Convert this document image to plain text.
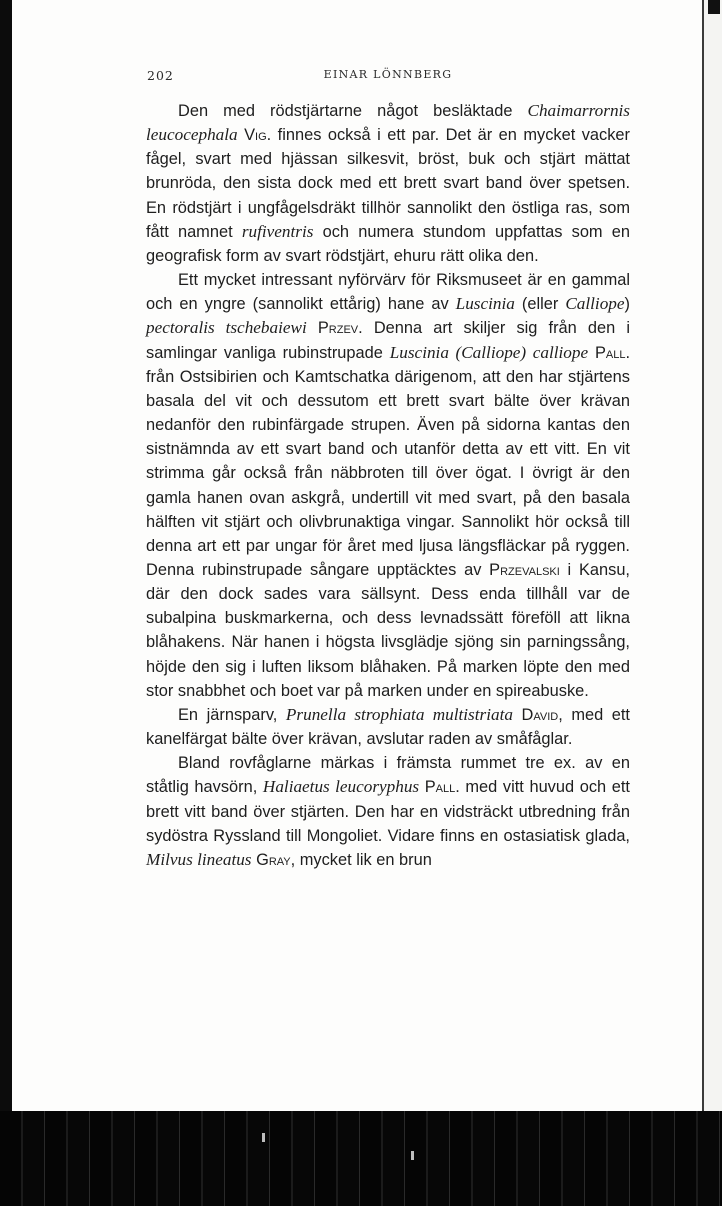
202	EINAR LÖNNBERG

Den med rödstjärtarne något besläktade Chaimarrornis leucocephala Vig. finnes också i ett par. Det är en mycket vacker fågel, svart med hjässan silkesvit, bröst, buk och stjärt mättat brunröda, den sista dock med ett brett svart band över spetsen. En rödstjärt i ungfågelsdräkt tillhör sannolikt den östliga ras, som fått namnet rufiventris och numera stundom uppfattas som en geografisk form av svart rödstjärt, ehuru rätt olika den.

Ett mycket intressant nyförvärv för Riksmuseet är en gammal och en yngre (sannolikt ettårig) hane av Luscinia (eller Calliope) pectoralis tschebaiewi Przev. Denna art skiljer sig från den i samlingar vanliga rubinstrupade Luscinia (Calliope) calliope Pall. från Ostsibirien och Kamtschatka därigenom, att den har stjärtens basala del vit och dessutom ett brett svart bälte över krävan nedanför den rubinfärgade strupen. Även på sidorna kantas den sistnämnda av ett svart band och utanför detta av ett vitt. En vit strimma går också från näbbroten till över ögat. I övrigt är den gamla hanen ovan askgrå, undertill vit med svart, på den basala hälften vit stjärt och olivbrunaktiga vingar. Sannolikt hör också till denna art ett par ungar för året med ljusa längsfläckar på ryggen. Denna rubinstrupade sångare upptäcktes av Przevalski i Kansu, där den dock sades vara sällsynt. Dess enda tillhåll var de subalpina buskmarkerna, och dess levnadssätt föreföll att likna blåhakens. När hanen i högsta livsglädje sjöng sin parningssång, höjde den sig i luften liksom blåhaken. På marken löpte den med stor snabbhet och boet var på marken under en spireabuske.

En järnsparv, Prunella strophiata multistriata David, med ett kanelfärgat bälte över krävan, avslutar raden av småfåglar.

Bland rovfåglarne märkas i främsta rummet tre ex. av en ståtlig havsörn, Haliaetus leucoryphus Pall. med vitt huvud och ett brett vitt band över stjärten. Den har en vidsträckt utbredning från sydöstra Ryssland till Mongoliet. Vidare finns en ostasiatisk glada, Milvus lineatus Gray, mycket lik en brun
